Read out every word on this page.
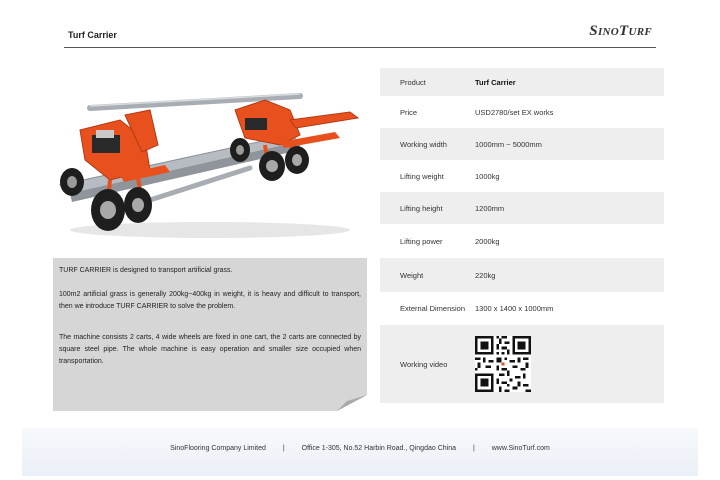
Turf Carrier	SinoTurf

TURF CARRIER is designed to transport artificial grass.

100m2 artificial grass is generally 200kg~400kg in weight, it is heavy and difficult to transport, then we introduce TURF CARRIER to solve the problem.

The machine consists 2 carts, 4 wide wheels are fixed in one cart, the 2 carts are connected by square steel pipe. The whole machine is easy operation and smaller size occupied when transportation.

Product	Turf Carrier
Price	USD2780/set EX works
Working width	1000mm ~ 5000mm
Lifting weight	1000kg
Lifting height	1200mm
Lifting power	2000kg
Weight	220kg
External Dimension	1300 x 1400 x 1000mm
Working video
SinoFlooring Company Limited | Office 1-305, No.52 Harbin Road., Qingdao China | www.SinoTurf.com
